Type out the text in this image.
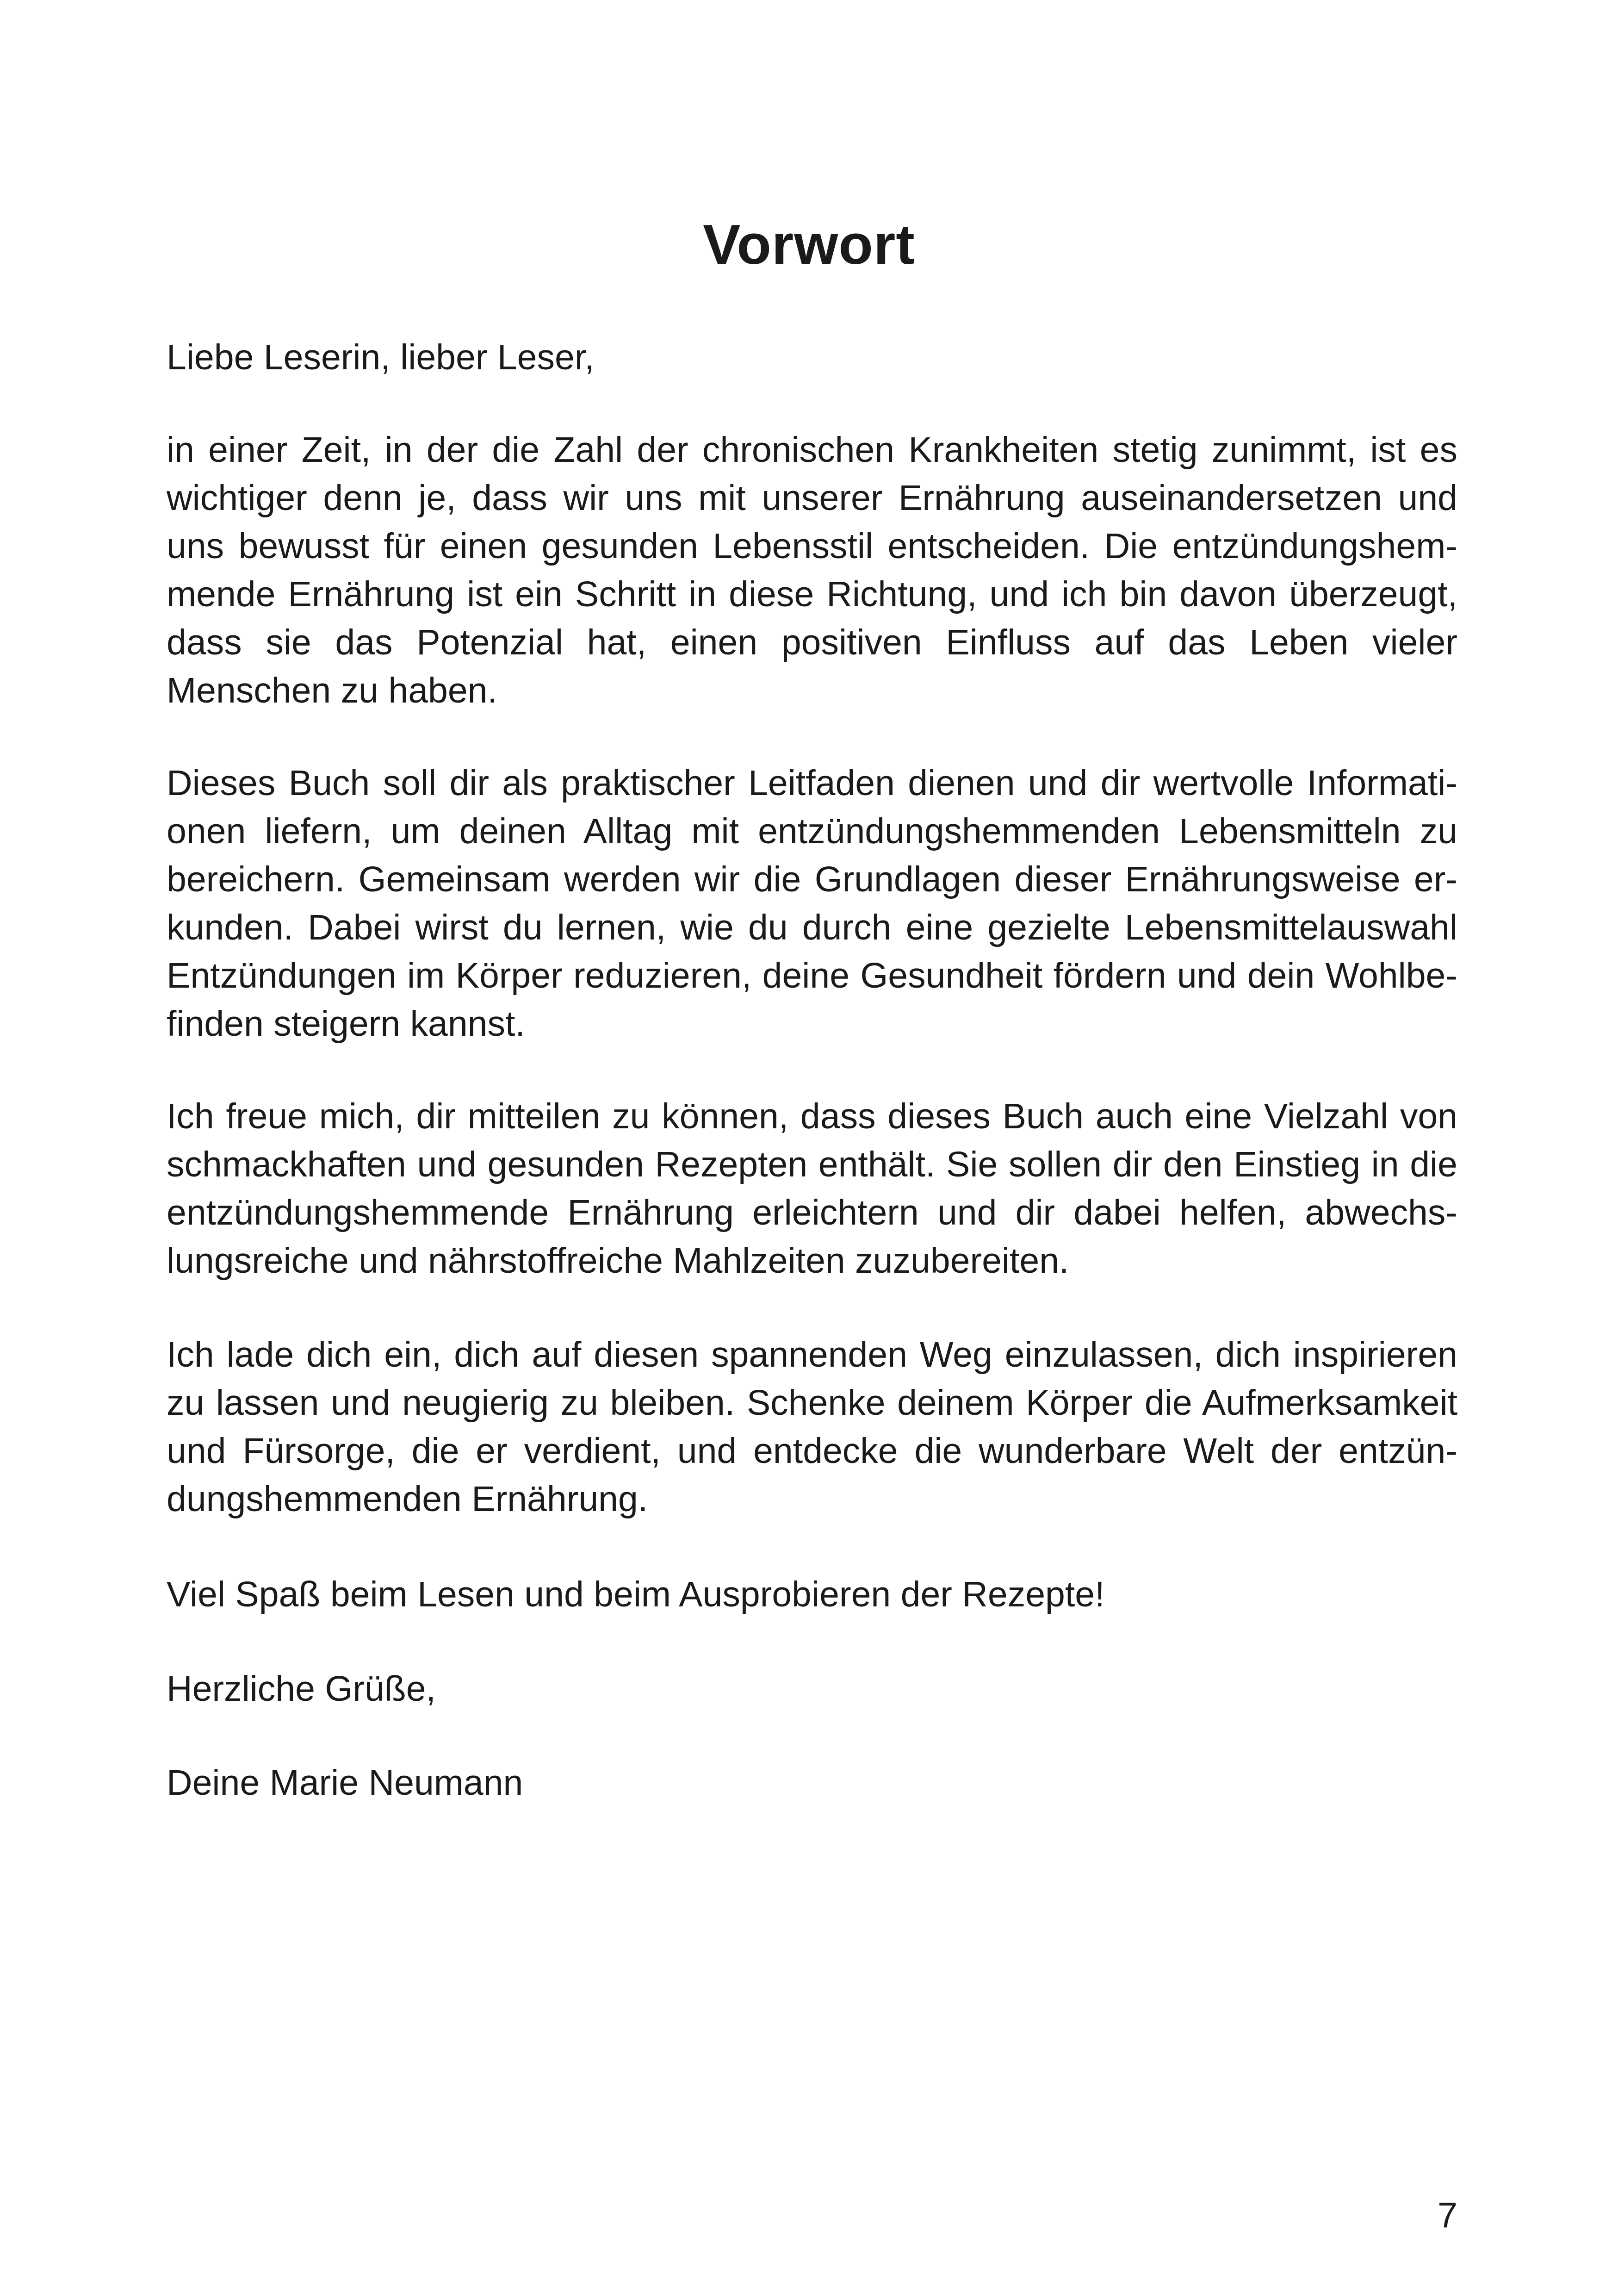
Vorwort

Liebe Leserin, lieber Leser,

in einer Zeit, in der die Zahl der chronischen Krankheiten stetig zunimmt, ist es wichtiger denn je, dass wir uns mit unserer Ernährung auseinandersetzen und uns bewusst für einen gesunden Lebensstil entscheiden. Die entzündungshemmende Ernährung ist ein Schritt in diese Richtung, und ich bin davon überzeugt, dass sie das Potenzial hat, einen positiven Einfluss auf das Leben vieler Menschen zu haben.

Dieses Buch soll dir als praktischer Leitfaden dienen und dir wertvolle Informationen liefern, um deinen Alltag mit entzündungshemmenden Lebensmitteln zu bereichern. Gemeinsam werden wir die Grundlagen dieser Ernährungsweise erkunden. Dabei wirst du lernen, wie du durch eine gezielte Lebensmittelauswahl Entzündungen im Körper reduzieren, deine Gesundheit fördern und dein Wohlbefinden steigern kannst.

Ich freue mich, dir mitteilen zu können, dass dieses Buch auch eine Vielzahl von schmackhaften und gesunden Rezepten enthält. Sie sollen dir den Einstieg in die entzündungshemmende Ernährung erleichtern und dir dabei helfen, abwechslungsreiche und nährstoffreiche Mahlzeiten zuzubereiten.

Ich lade dich ein, dich auf diesen spannenden Weg einzulassen, dich inspirieren zu lassen und neugierig zu bleiben. Schenke deinem Körper die Aufmerksamkeit und Fürsorge, die er verdient, und entdecke die wunderbare Welt der entzündungshemmenden Ernährung.

Viel Spaß beim Lesen und beim Ausprobieren der Rezepte!

Herzliche Grüße,

Deine Marie Neumann

7
